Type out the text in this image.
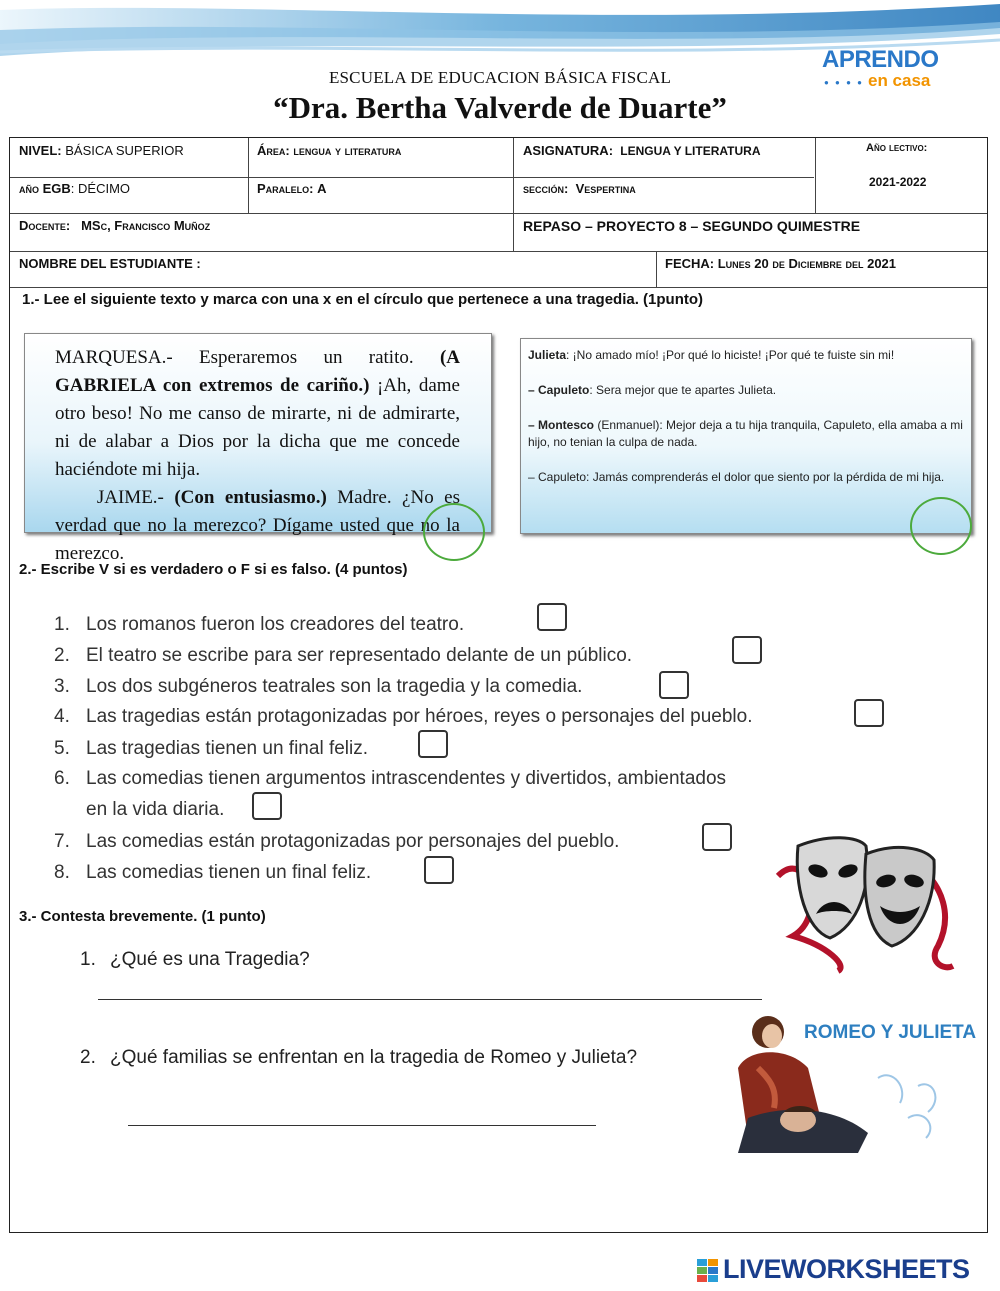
ESCUELA DE EDUCACION BÁSICA FISCAL
“Dra. Bertha Valverde de Duarte”
APRENDO
● ● ● ● en casa
NIVEL: BÁSICA SUPERIOR	Área: lengua y literatura	ASIGNATURA: LENGUA Y LITERATURA	Año lectivo:
2021-2022
año EGB: DÉCIMO	Paralelo: A	sección: Vespertina
Docente: MSc, Francisco Muñoz	REPASO – PROYECTO 8 – SEGUNDO QUIMESTRE
NOMBRE DEL ESTUDIANTE :	FECHA: Lunes 20 de Diciembre del 2021
1.- Lee el siguiente texto y marca con una x en el círculo que pertenece a una tragedia. (1punto)
MARQUESA.- Esperaremos un ratito. (A GABRIELA con extremos de cariño.) ¡Ah, dame otro beso! No me canso de mirarte, ni de admirarte, ni de alabar a Dios por la dicha que me concede haciéndote mi hija.
JAIME.- (Con entusiasmo.) Madre. ¿No es verdad que no la merezco? Dígame usted que no la merezco.

Julieta: ¡No amado mío! ¡Por qué lo hiciste! ¡Por qué te fuiste sin mi!

– Capuleto: Sera mejor que te apartes Julieta.

– Montesco (Enmanuel): Mejor deja a tu hija tranquila, Capuleto, ella amaba a mi hijo, no tenian la culpa de nada.

– Capuleto: Jamás comprenderás el dolor que siento por la pérdida de mi hija.

2.- Escribe V si es verdadero o F si es falso. (4 puntos)
1. Los romanos fueron los creadores del teatro.
2. El teatro se escribe para ser representado delante de un público.
3. Los dos subgéneros teatrales son la tragedia y la comedia.
4. Las tragedias están protagonizadas por héroes, reyes o personajes del pueblo.
5. Las tragedias tienen un final feliz.
6. Las comedias tienen argumentos intrascendentes y divertidos, ambientados
en la vida diaria.
7. Las comedias están protagonizadas por personajes del pueblo.
8. Las comedias tienen un final feliz.
3.- Contesta brevemente. (1 punto)
1. ¿Qué es una Tragedia?
2. ¿Qué familias se enfrentan en la tragedia de Romeo y Julieta?
ROMEO Y JULIETA
LIVEWORKSHEETS
